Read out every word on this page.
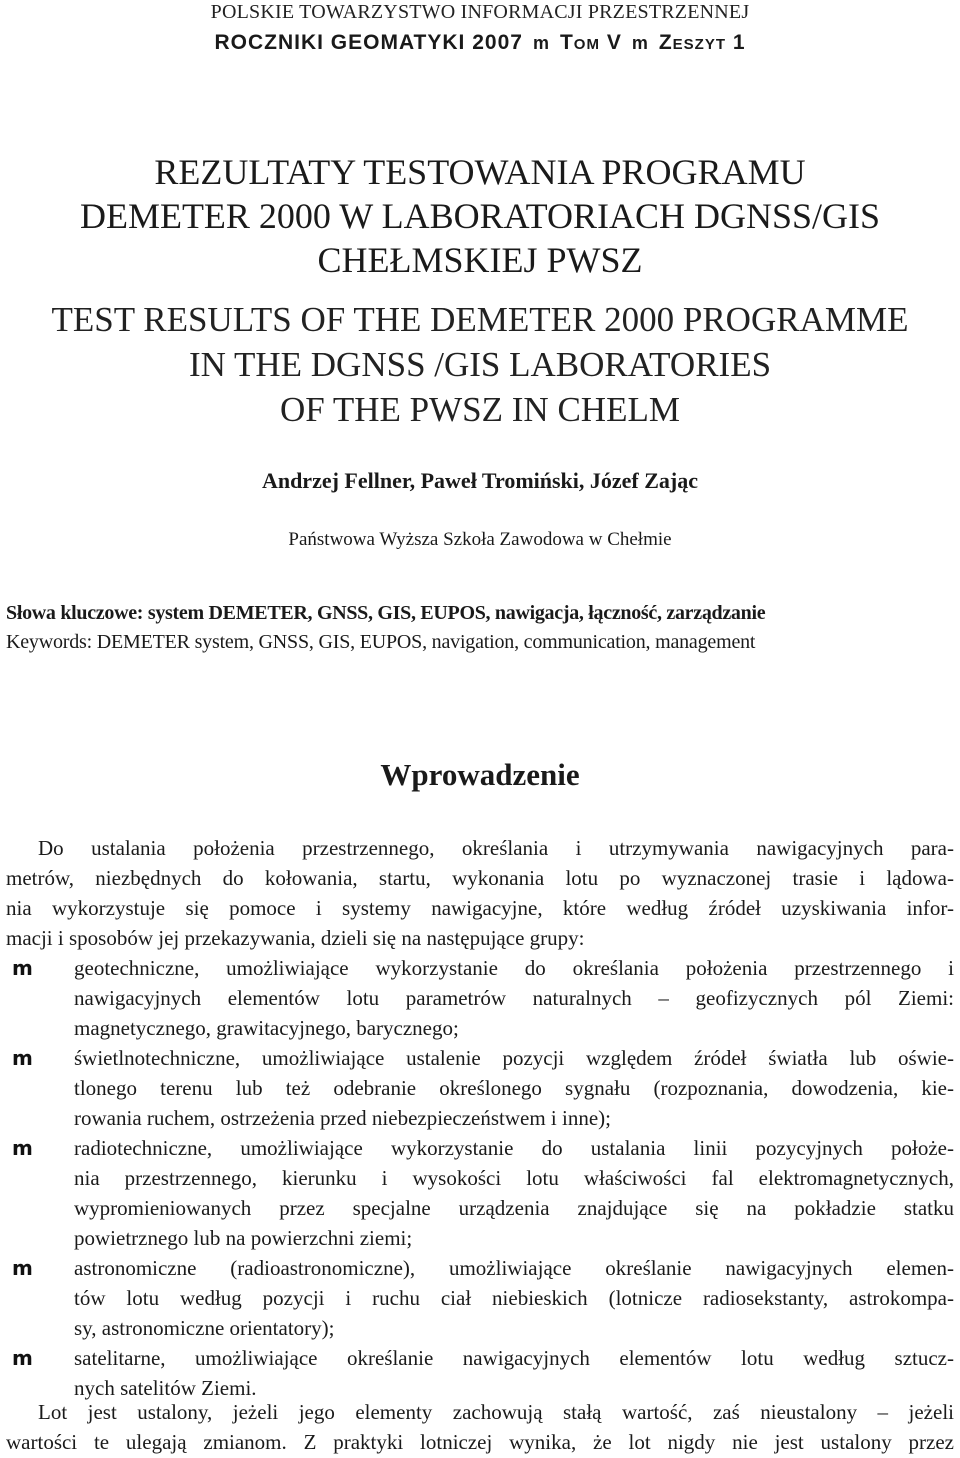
POLSKIE TOWARZYSTWO INFORMACJI PRZESTRZENNEJ
ROCZNIKI GEOMATYKI 2007 m TOM V m ZESZYT 1
REZULTATY TESTOWANIA PROGRAMU
DEMETER 2000 W LABORATORIACH DGNSS/GIS
CHEŁMSKIEJ PWSZ
TEST RESULTS OF THE DEMETER 2000 PROGRAMME
IN THE DGNSS /GIS LABORATORIES
OF THE PWSZ IN CHELM
Andrzej Fellner, Paweł Tromiński, Józef Zając
Państwowa Wyższa Szkoła Zawodowa w Chełmie
Słowa kluczowe: system DEMETER, GNSS, GIS, EUPOS, nawigacja, łączność, zarządzanie
Keywords: DEMETER system, GNSS, GIS, EUPOS, navigation, communication, management
Wprowadzenie
Do ustalania położenia przestrzennego, określania i utrzymywania nawigacyjnych para-
metrów, niezbędnych do kołowania, startu, wykonania lotu po wyznaczonej trasie i lądowa-
nia wykorzystuje się pomoce i systemy nawigacyjne, które według źródeł uzyskiwania infor-
macji i sposobów jej przekazywania, dzieli się na następujące grupy:
m geotechniczne, umożliwiające wykorzystanie do określania położenia przestrzennego i
nawigacyjnych elementów lotu parametrów naturalnych – geofizycznych pól Ziemi:
magnetycznego, grawitacyjnego, barycznego;
m świetlnotechniczne, umożliwiające ustalenie pozycji względem źródeł światła lub oświe-
tlonego terenu lub też odebranie określonego sygnału (rozpoznania, dowodzenia, kie-
rowania ruchem, ostrzeżenia przed niebezpieczeństwem i inne);
m radiotechniczne, umożliwiające wykorzystanie do ustalania linii pozycyjnych położe-
nia przestrzennego, kierunku i wysokości lotu właściwości fal elektromagnetycznych,
wypromieniowanych przez specjalne urządzenia znajdujące się na pokładzie statku
powietrznego lub na powierzchni ziemi;
m astronomiczne (radioastronomiczne), umożliwiające określanie nawigacyjnych elemen-
tów lotu według pozycji i ruchu ciał niebieskich (lotnicze radiosekstanty, astrokompa-
sy, astronomiczne orientatory);
m satelitarne, umożliwiające określanie nawigacyjnych elementów lotu według sztucz-
nych satelitów Ziemi.
Lot jest ustalony, jeżeli jego elementy zachowują stałą wartość, zaś nieustalony – jeżeli
wartości te ulegają zmianom. Z praktyki lotniczej wynika, że lot nigdy nie jest ustalony przez
